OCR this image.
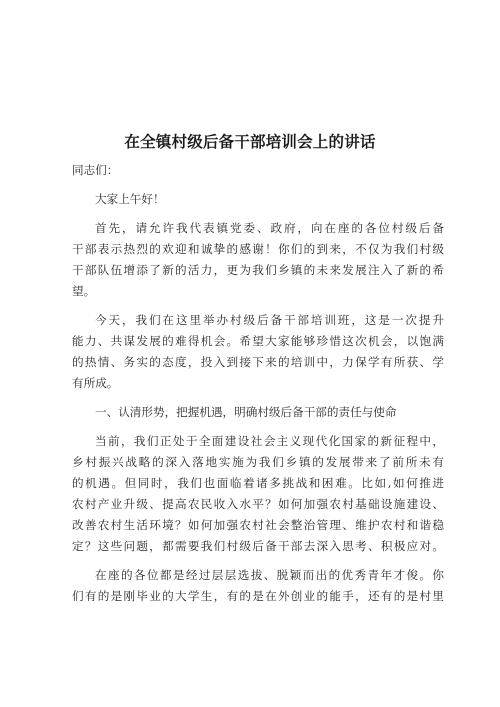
在全镇村级后备干部培训会上的讲话
同志们：
大家上午好！
首先，请允许我代表镇党委、政府，向在座的各位村级后备
干部表示热烈的欢迎和诚挚的感谢！你们的到来，不仅为我们村级
干部队伍增添了新的活力，更为我们乡镇的未来发展注入了新的希
望。
今天，我们在这里举办村级后备干部培训班，这是一次提升
能力、共谋发展的难得机会。希望大家能够珍惜这次机会，以饱满
的热情、务实的态度，投入到接下来的培训中，力保学有所获、学
有所成。
一、认清形势，把握机遇，明确村级后备干部的责任与使命
当前，我们正处于全面建设社会主义现代化国家的新征程中，
乡村振兴战略的深入落地实施为我们乡镇的发展带来了前所未有
的机遇。但同时，我们也面临着诸多挑战和困难。比如,如何推进
农村产业升级、提高农民收入水平？如何加强农村基础设施建设、
改善农村生活环境？如何加强农村社会整治管理、维护农村和谐稳
定？这些问题，都需要我们村级后备干部去深入思考、积极应对。
在座的各位都是经过层层选拔、脱颖而出的优秀青年才俊。你
们有的是刚毕业的大学生，有的是在外创业的能手，还有的是村里
